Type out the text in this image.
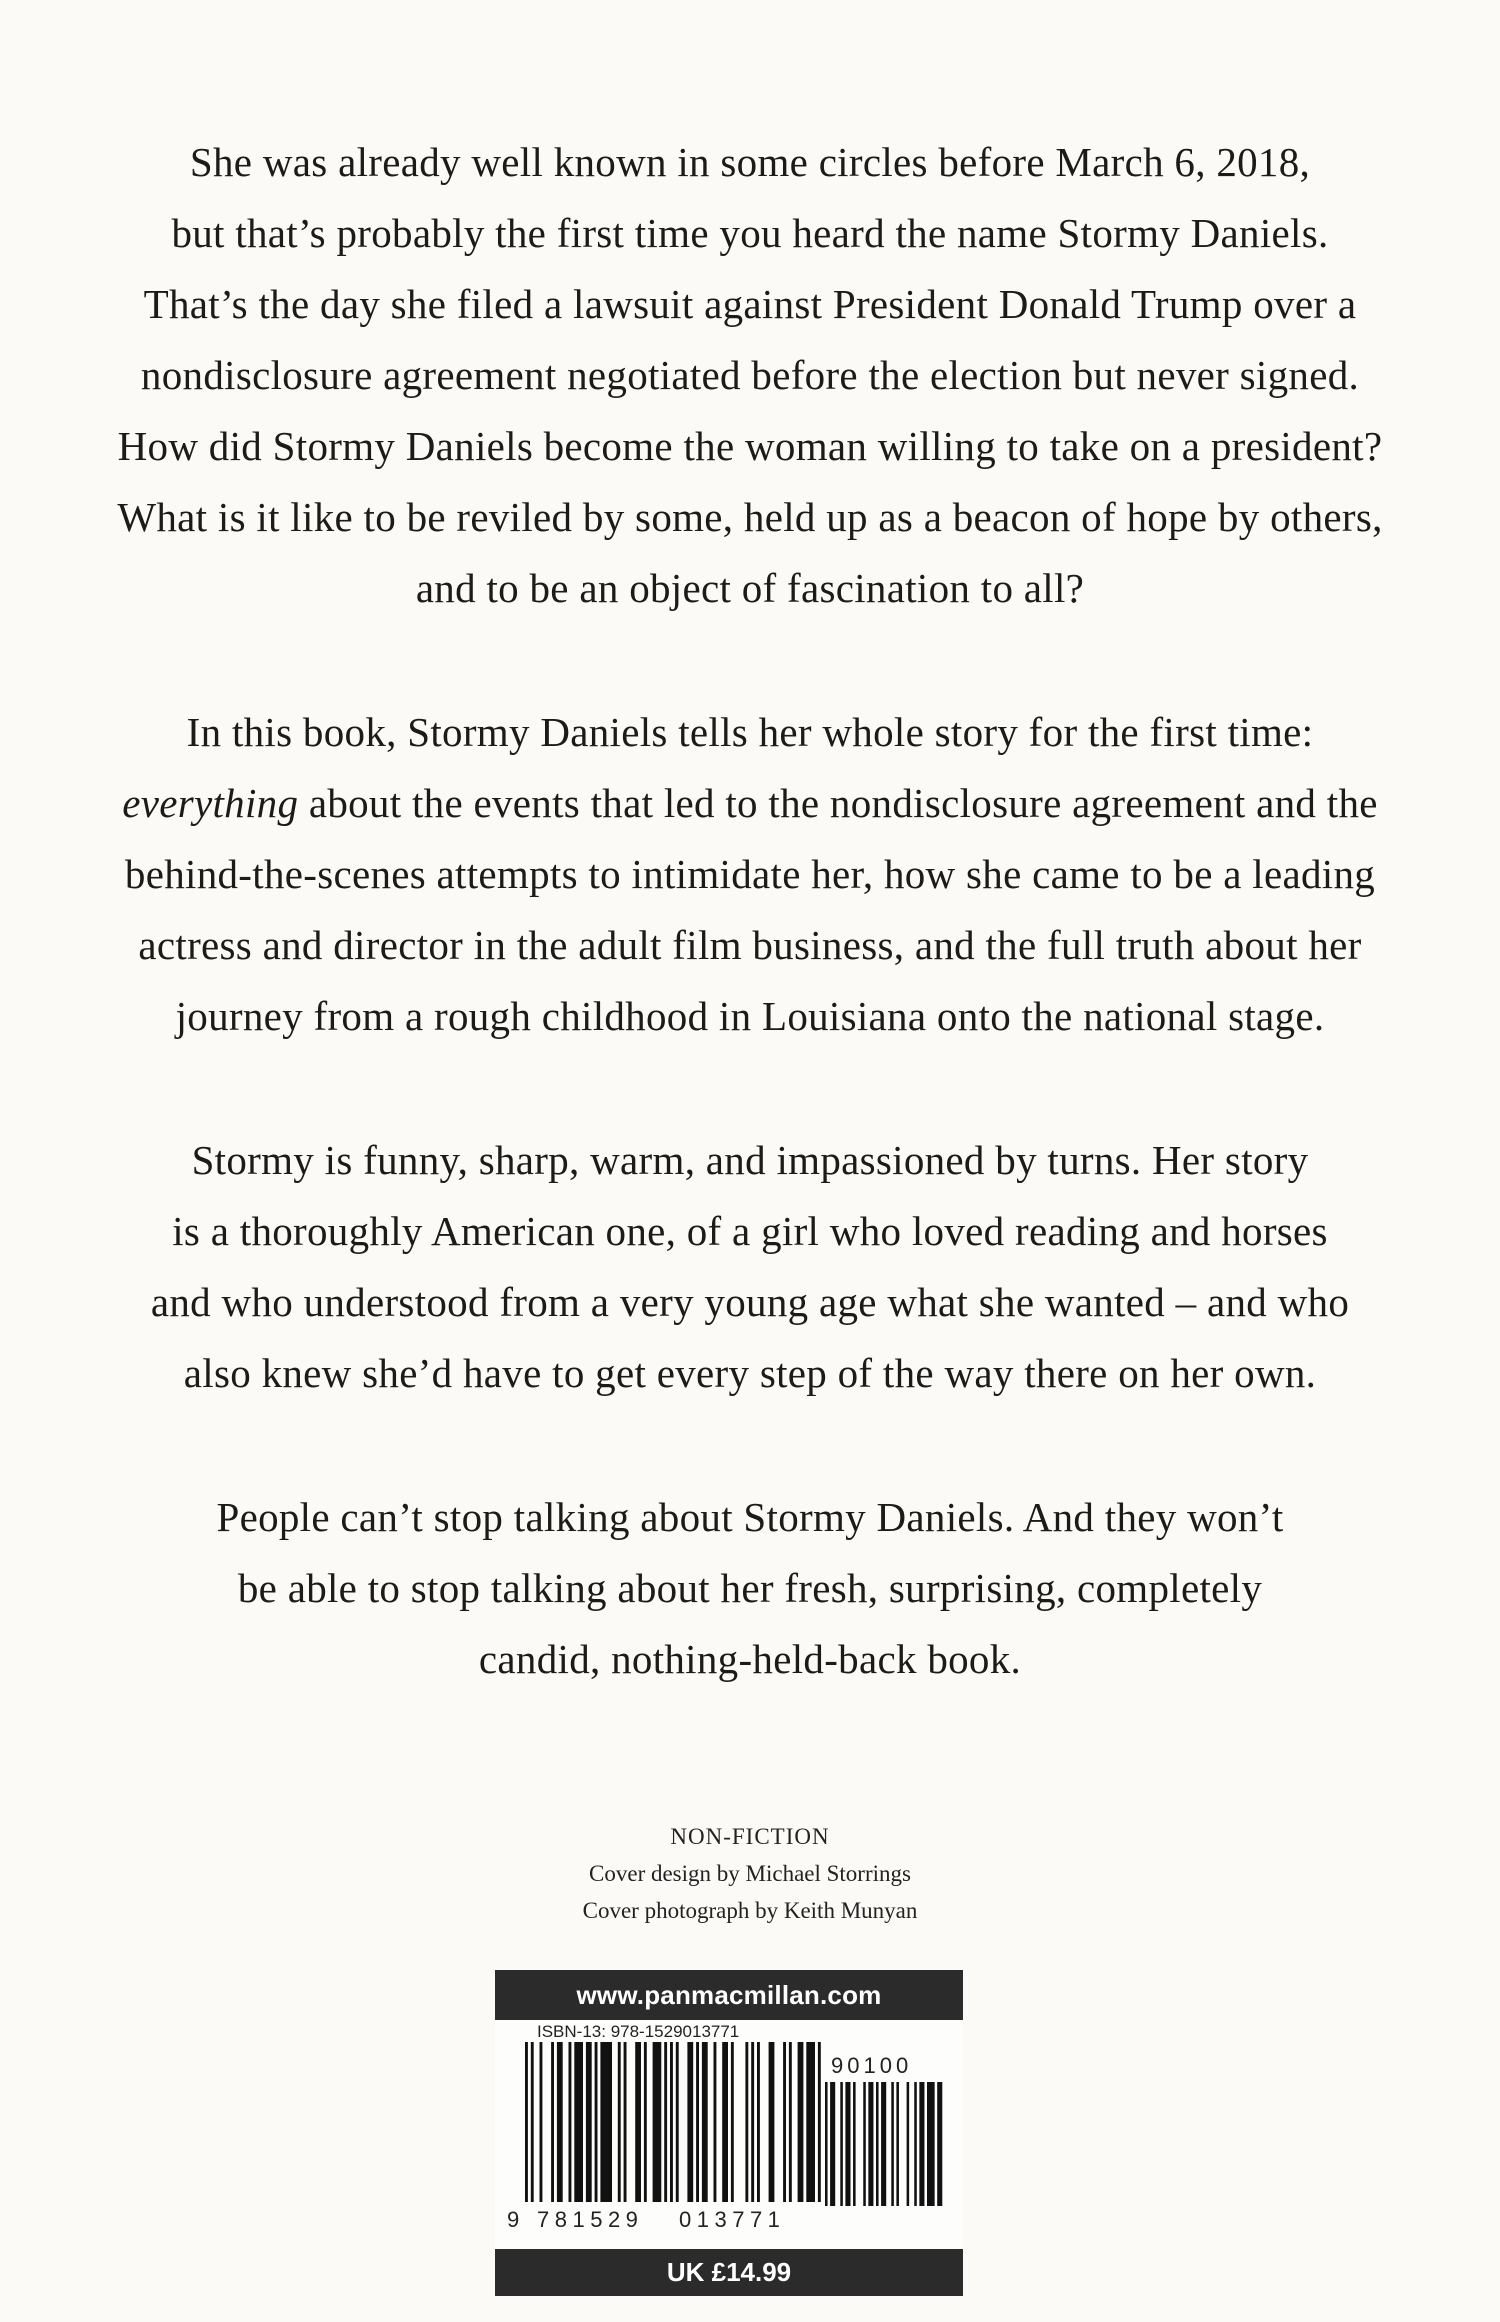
She was already well known in some circles before March 6, 2018,
but that’s probably the first time you heard the name Stormy Daniels.
That’s the day she filed a lawsuit against President Donald Trump over a
nondisclosure agreement negotiated before the election but never signed.
How did Stormy Daniels become the woman willing to take on a president?
What is it like to be reviled by some, held up as a beacon of hope by others,
and to be an object of fascination to all?
In this book, Stormy Daniels tells her whole story for the first time:
everything about the events that led to the nondisclosure agreement and the
behind-the-scenes attempts to intimidate her, how she came to be a leading
actress and director in the adult film business, and the full truth about her
journey from a rough childhood in Louisiana onto the national stage.
Stormy is funny, sharp, warm, and impassioned by turns. Her story
is a thoroughly American one, of a girl who loved reading and horses
and who understood from a very young age what she wanted – and who
also knew she’d have to get every step of the way there on her own.
People can’t stop talking about Stormy Daniels. And they won’t
be able to stop talking about her fresh, surprising, completely
candid, nothing-held-back book.
NON-FICTION
Cover design by Michael Storrings
Cover photograph by Keith Munyan
www.panmacmillan.com
ISBN-13: 978-1529013771
90100
9 781529 013771
UK £14.99
